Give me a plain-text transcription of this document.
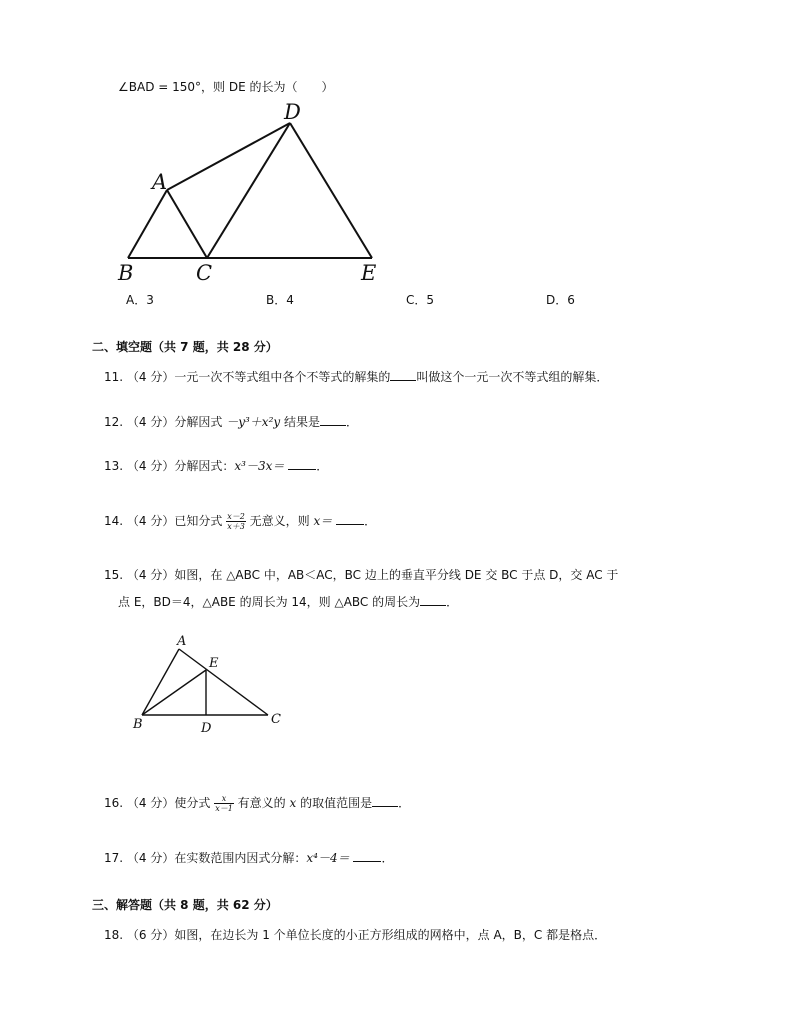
∠BAD = 150°，则 DE 的长为（　　）
A
B	C
D
E
A．3	B．4	C．5	D．6
二、填空题（共 7 题，共 28 分）
11. （4 分）一元一次不等式组中各个不等式的解集的 叫做这个一元一次不等式组的解集．
12. （4 分）分解因式 －y³＋x²y 结果是 ．
13. （4 分）分解因式：x³－3x＝	．
14. （4 分）已知分式 $\frac{x-2}{x+3}$ 无意义，则 x＝	．
15. （4 分）如图，在 △ABC 中，AB＜AC，BC 边上的垂直平分线 DE 交 BC 于点 D，交 AC 于
点 E，BD＝4，△ABE 的周长为 14，则 △ABC 的周长为 ．
A
E
B	D
C
16. （4 分）使分式 $\frac{x}{x-1}$ 有意义的 x 的取值范围是 ．
17. （4 分）在实数范围内因式分解：x⁴－4＝	．
三、解答题（共 8 题，共 62 分）
18. （6 分）如图，在边长为 1 个单位长度的小正方形组成的网格中，点 A，B，C 都是格点．
